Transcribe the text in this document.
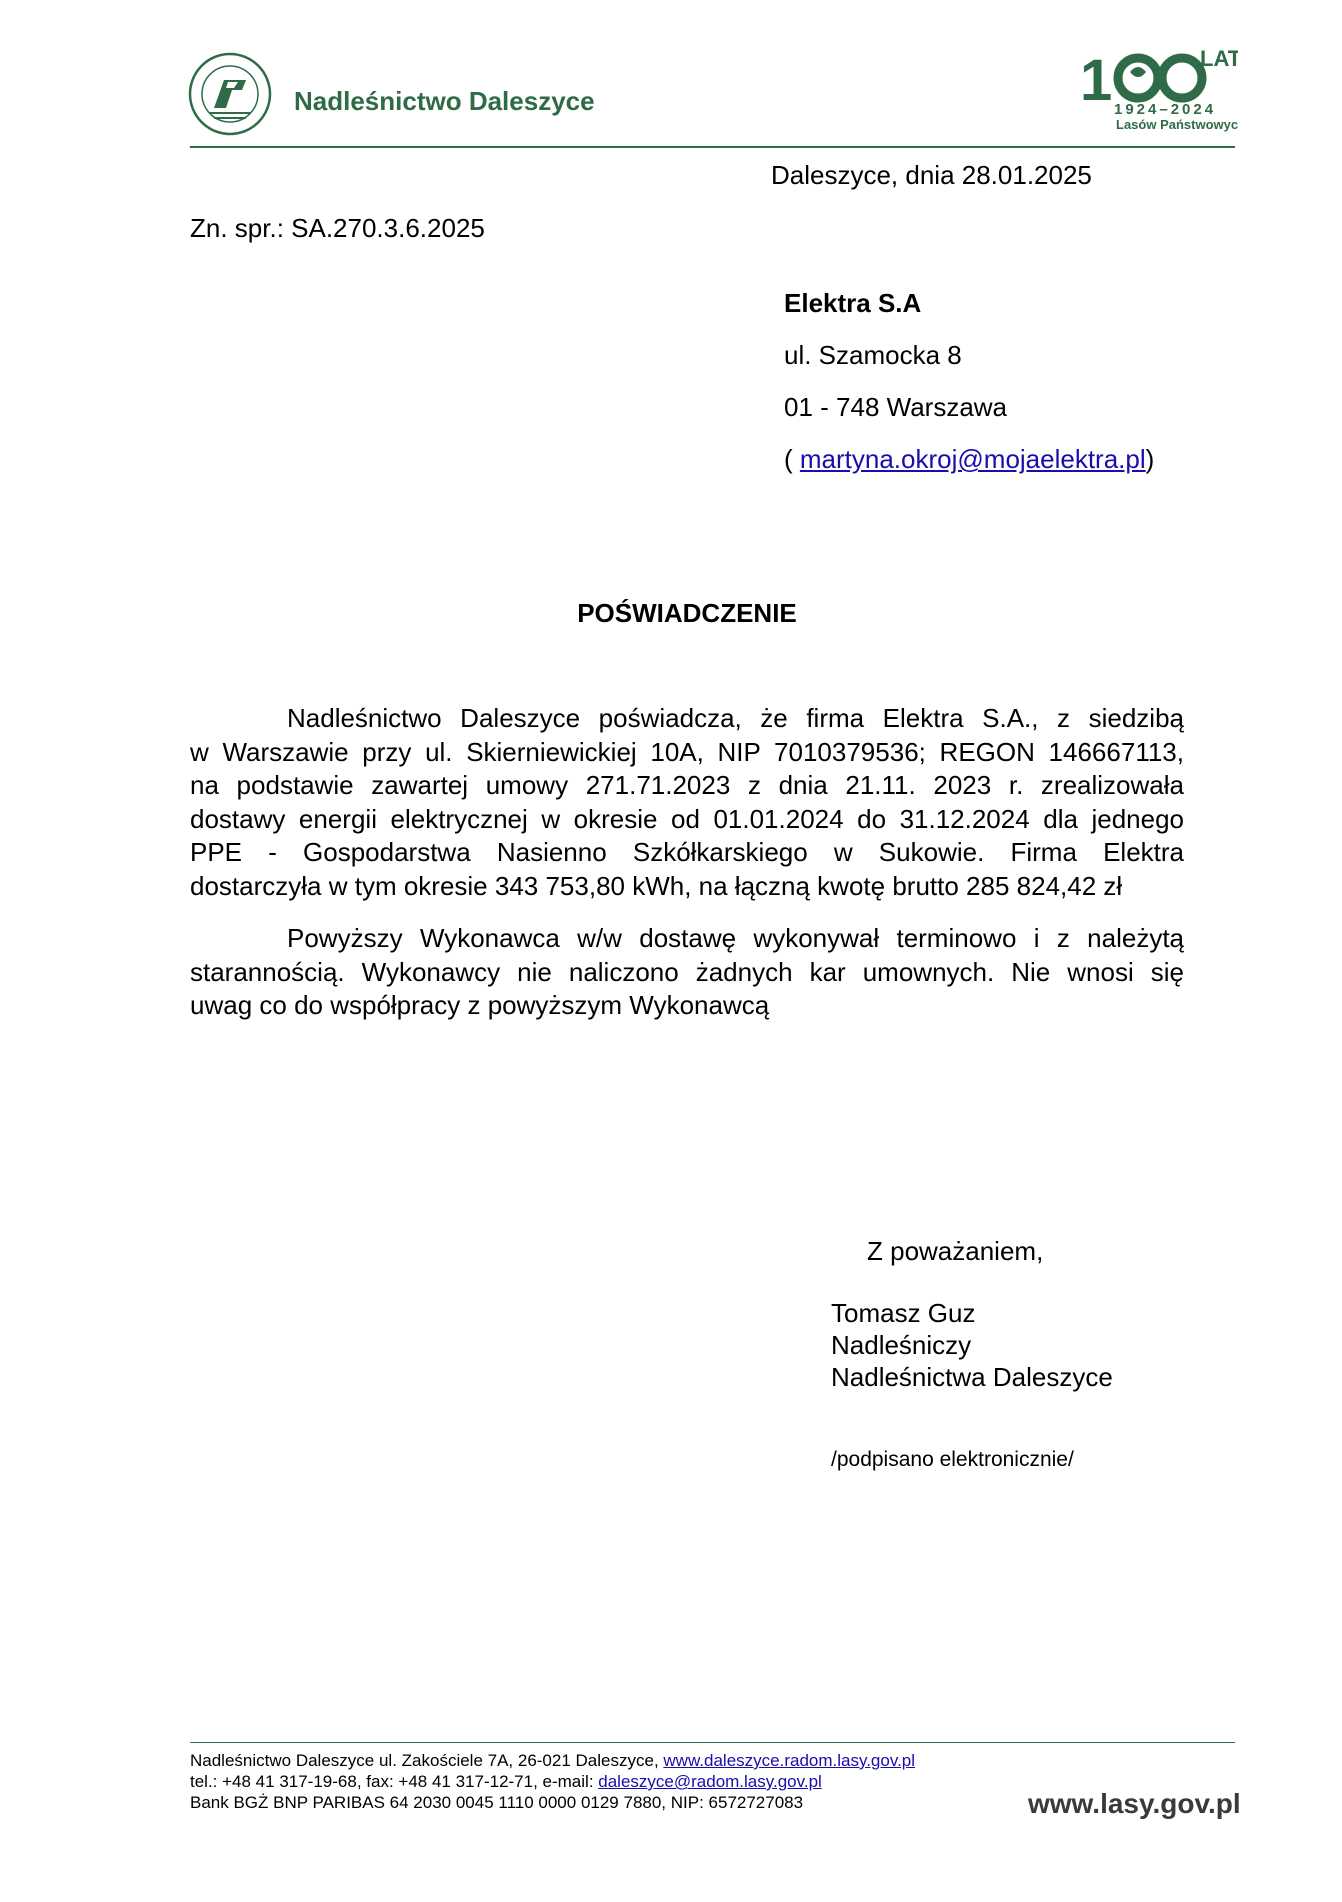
Nadleśnictwo Daleszyce	1	LAT
1924–2024
Lasów Państwowych
Daleszyce, dnia 28.01.2025
Zn. spr.: SA.270.3.6.2025
Elektra S.A
ul. Szamocka 8
01 - 748 Warszawa
( martyna.okroj@mojaelektra.pl)
POŚWIADCZENIE
Nadleśnictwo Daleszyce poświadcza, że firma Elektra S.A., z siedzibą
w Warszawie przy ul. Skierniewickiej 10A, NIP 7010379536; REGON 146667113,
na podstawie zawartej umowy 271.71.2023 z dnia 21.11. 2023 r. zrealizowała
dostawy energii elektrycznej w okresie od 01.01.2024 do 31.12.2024 dla jednego
PPE - Gospodarstwa Nasienno Szkółkarskiego w Sukowie. Firma Elektra
dostarczyła w tym okresie 343 753,80 kWh, na łączną kwotę brutto 285 824,42 zł
Powyższy Wykonawca w/w dostawę wykonywał terminowo i z należytą
starannością. Wykonawcy nie naliczono żadnych kar umownych. Nie wnosi się
uwag co do współpracy z powyższym Wykonawcą
Z poważaniem,
Tomasz Guz
Nadleśniczy
Nadleśnictwa Daleszyce
/podpisano elektronicznie/
Nadleśnictwo Daleszyce ul. Zakościele 7A, 26-021 Daleszyce, www.daleszyce.radom.lasy.gov.pl
tel.: +48 41 317-19-68, fax: +48 41 317-12-71, e-mail: daleszyce@radom.lasy.gov.pl
Bank BGŻ BNP PARIBAS 64 2030 0045 1110 0000 0129 7880, NIP: 6572727083	www.lasy.gov.pl
